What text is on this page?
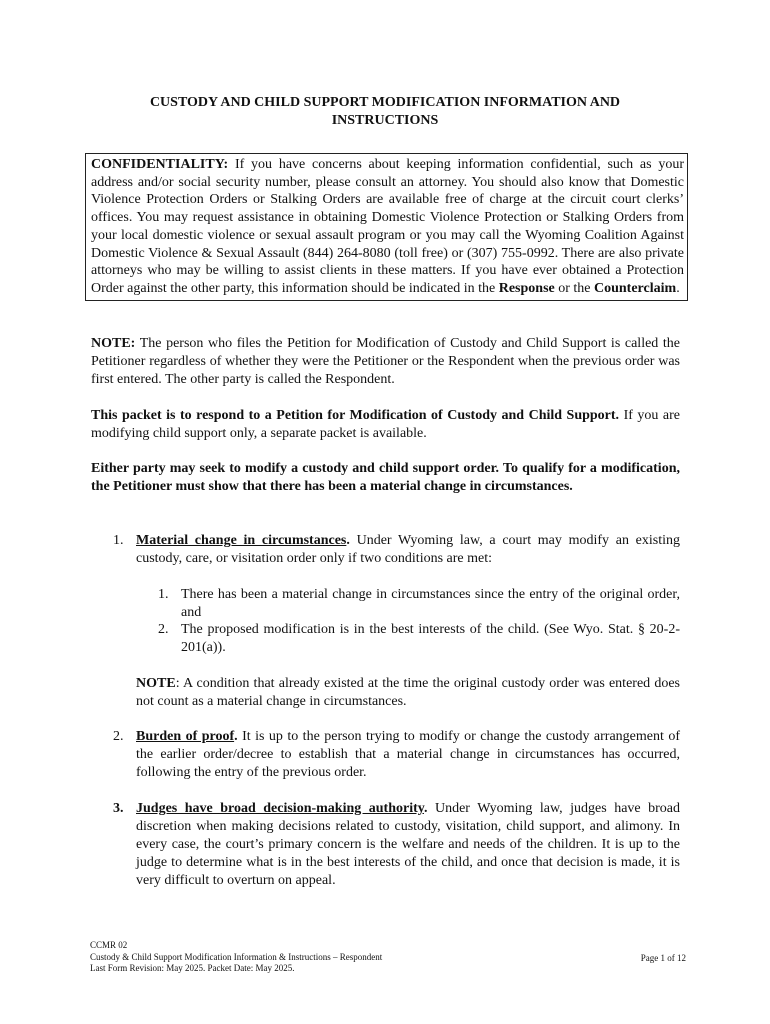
CUSTODY AND CHILD SUPPORT MODIFICATION INFORMATION AND
INSTRUCTIONS
CONFIDENTIALITY: If you have concerns about keeping information confidential, such as your address and/or social security number, please consult an attorney. You should also know that Domestic Violence Protection Orders or Stalking Orders are available free of charge at the circuit court clerks’ offices. You may request assistance in obtaining Domestic Violence Protection or Stalking Orders from your local domestic violence or sexual assault program or you may call the Wyoming Coalition Against Domestic Violence & Sexual Assault (844) 264-8080 (toll free) or (307) 755-0992. There are also private attorneys who may be willing to assist clients in these matters. If you have ever obtained a Protection Order against the other party, this information should be indicated in the Response or the Counterclaim.
NOTE: The person who files the Petition for Modification of Custody and Child Support is called the Petitioner regardless of whether they were the Petitioner or the Respondent when the previous order was first entered. The other party is called the Respondent.
This packet is to respond to a Petition for Modification of Custody and Child Support. If you are modifying child support only, a separate packet is available.
Either party may seek to modify a custody and child support order. To qualify for a modification, the Petitioner must show that there has been a material change in circumstances.
1. Material change in circumstances. Under Wyoming law, a court may modify an existing custody, care, or visitation order only if two conditions are met:
1. There has been a material change in circumstances since the entry of the original order, and
2. The proposed modification is in the best interests of the child. (See Wyo. Stat. § 20-2-201(a)).
NOTE: A condition that already existed at the time the original custody order was entered does not count as a material change in circumstances.
2. Burden of proof. It is up to the person trying to modify or change the custody arrangement of the earlier order/decree to establish that a material change in circumstances has occurred, following the entry of the previous order.
3. Judges have broad decision-making authority. Under Wyoming law, judges have broad discretion when making decisions related to custody, visitation, child support, and alimony. In every case, the court’s primary concern is the welfare and needs of the children. It is up to the judge to determine what is in the best interests of the child, and once that decision is made, it is very difficult to overturn on appeal.
CCMR 02
Custody & Child Support Modification Information & Instructions – Respondent
Last Form Revision: May 2025. Packet Date: May 2025.
Page 1 of 12
